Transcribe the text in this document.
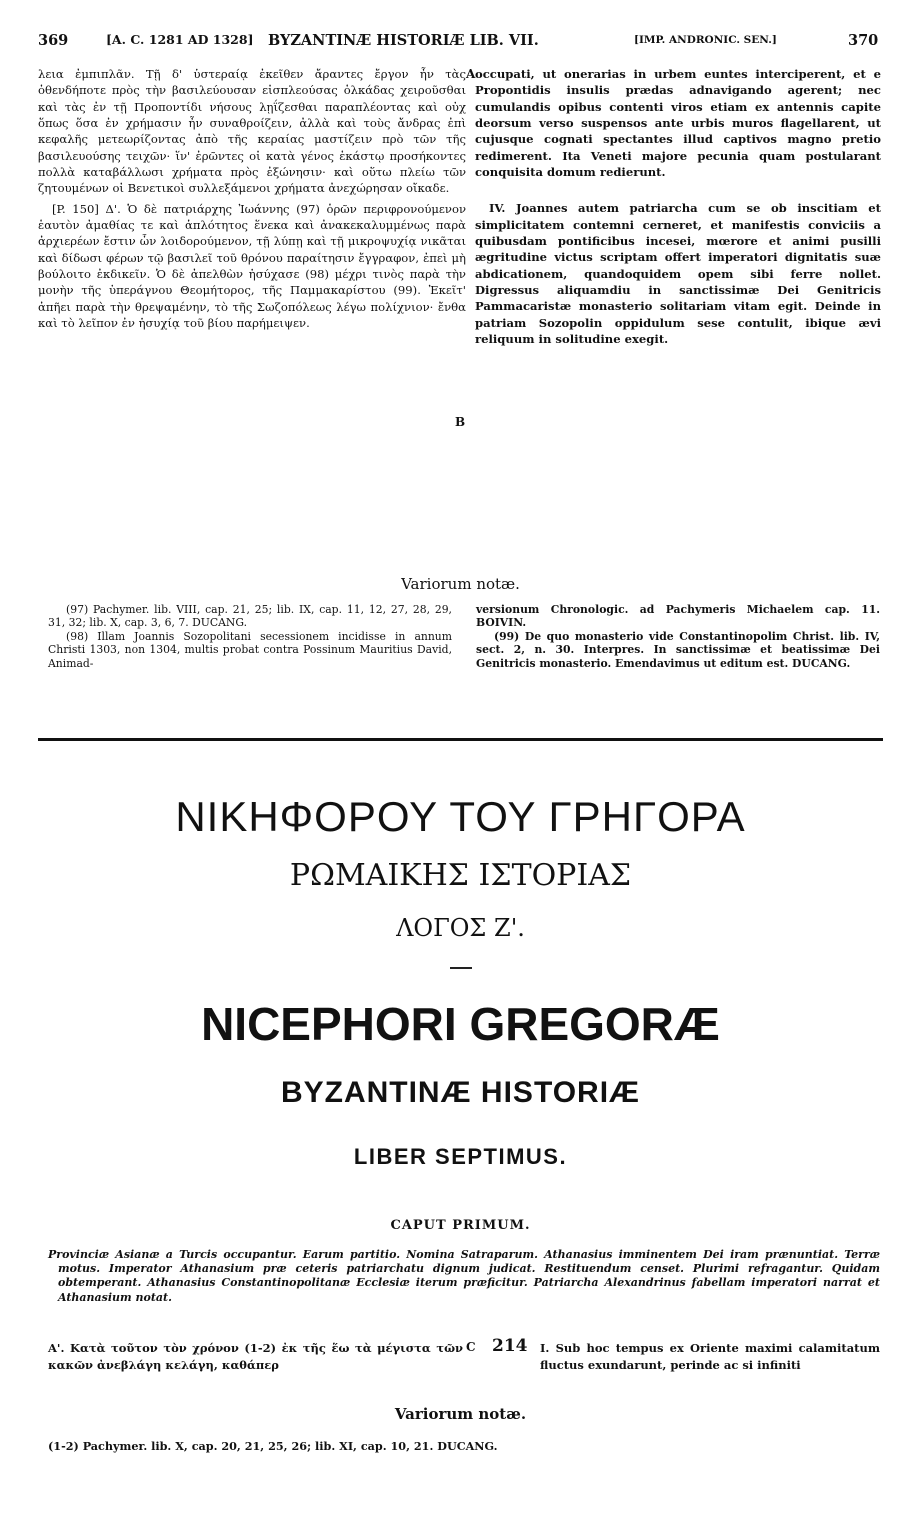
369	[A. C. 1281 AD 1328] BYZANTINÆ HISTORIÆ LIB. VII.	[IMP. ANDRONIC. SEN.]	370

λεια ἐμπιπλᾶν. Τῇ δ' ὑστεραίᾳ ἐκεῖθεν ἄραντες ἔργον ἦν τὰς ὁθενδήποτε πρὸς τὴν βασιλεύουσαν εἰσπλεούσας ὁλκάδας χειροῦσθαι καὶ τὰς ἐν τῇ Προποντίδι νήσους λῃΐζεσθαι παραπλέοντας καὶ οὐχ ὅπως ὅσα ἐν χρήμασιν ἦν συναθροίζειν, ἀλλὰ καὶ τοὺς ἄνδρας ἐπὶ κεφαλῆς μετεωρίζοντας ἀπὸ τῆς κεραίας μαστίζειν πρὸ τῶν τῆς βασιλευούσης τειχῶν· ἵν' ἐρῶντες οἱ κατὰ γένος ἑκάστῳ προσήκοντες πολλὰ καταβάλλωσι χρήματα πρὸς ἐξώνησιν· καὶ οὕτω πλείω τῶν ζητουμένων οἱ Βενετικοὶ συλλεξάμενοι χρήματα ἀνεχώρησαν οἴκαδε.

[P. 150] Δ'. Ὁ δὲ πατριάρχης Ἰωάννης (97) ὁρῶν περιφρονούμενον ἑαυτὸν ἀμαθίας τε καὶ ἁπλότητος ἕνεκα καὶ ἀνακεκαλυμμένως παρὰ ἀρχιερέων ἔστιν ὧν λοιδορούμενον, τῇ λύπῃ καὶ τῇ μικροψυχίᾳ νικᾶται καὶ δίδωσι φέρων τῷ βασιλεῖ τοῦ θρόνου παραίτησιν ἔγγραφον, ἐπεὶ μὴ βούλοιτο ἐκδικεῖν. Ὁ δὲ ἀπελθὼν ἡσύχασε (98) μέχρι τινὸς παρὰ τὴν μονὴν τῆς ὑπεράγνου Θεομήτορος, τῆς Παμμακαρίστου (99). Ἐκεῖτ' ἀπῆει παρὰ τὴν θρεψαμένην, τὸ τῆς Σωζοπόλεως λέγω πολίχνιον· ἔνθα καὶ τὸ λεῖπον ἐν ἡσυχίᾳ τοῦ βίου παρήμειψεν.

occupati, ut onerarias in urbem euntes interciperent, et e Propontidis insulis prædas adnavigando agerent; nec cumulandis opibus contenti viros etiam ex antennis capite deorsum verso suspensos ante urbis muros flagellarent, ut cujusque cognati spectantes illud captivos magno pretio redimerent. Ita Veneti majore pecunia quam postularant conquisita domum redierunt.

IV. Joannes autem patriarcha cum se ob inscitiam et simplicitatem contemni cerneret, et manifestis conviciis a quibusdam pontificibus incesei, mœrore et animi pusilli ægritudine victus scriptam offert imperatori dignitatis suæ abdicationem, quandoquidem opem sibi ferre nollet. Digressus aliquamdiu in sanctissimæ Dei Genitricis Pammacaristæ monasterio solitariam vitam egit. Deinde in patriam Sozopolin oppidulum sese contulit, ibique ævi reliquum in solitudine exegit.

A
B
Variorum notæ.

(97) Pachymer. lib. VIII, cap. 21, 25; lib. IX, cap. 11, 12, 27, 28, 29, 31, 32; lib. X, cap. 3, 6, 7. DUCANG.

(98) Illam Joannis Sozopolitani secessionem incidisse in annum Christi 1303, non 1304, multis probat contra Possinum Mauritius David, Animad-

versionum Chronologic. ad Pachymeris Michaelem cap. 11. BOIVIN.

(99) De quo monasterio vide Constantinopolim Christ. lib. IV, sect. 2, n. 30. Interpres. In sanctissimæ et beatissimæ Dei Genitricis monasterio. Emendavimus ut editum est. DUCANG.

ΝΙΚΗΦΟΡΟΥ ΤΟΥ ΓΡΗΓΟΡΑ
ΡΩΜΑΙΚΗΣ ΙΣΤΟΡΙΑΣ
ΛΟΓΟΣ Ζ'.
NICEPHORI GREGORÆ
BYZANTINÆ HISTORIÆ
LIBER SEPTIMUS.
CAPUT PRIMUM.

Provinciæ Asianæ a Turcis occupantur. Earum partitio. Nomina Satraparum. Athanasius imminentem Dei iram prænuntiat. Terræ motus. Imperator Athanasium præ ceteris patriarchatu dignum judicat. Restituendum censet. Plurimi refragantur. Quidam obtemperant. Athanasius Constantinopolitanæ Ecclesiæ iterum præficitur. Patriarcha Alexandrinus fabellam imperatori narrat et Athanasium notat.

Α'. Κατὰ τοῦτον τὸν χρόνον (1-2) ἐκ τῆς ἕω τὰ μέγιστα τῶν κακῶν ἀνεβλάγη κελάγη, καθάπερ
C 214 I. Sub hoc tempus ex Oriente maximi calamitatum fluctus exundarunt, perinde ac si infiniti
Variorum notæ.

(1-2) Pachymer. lib. X, cap. 20, 21, 25, 26; lib. XI, cap. 10, 21. DUCANG.
